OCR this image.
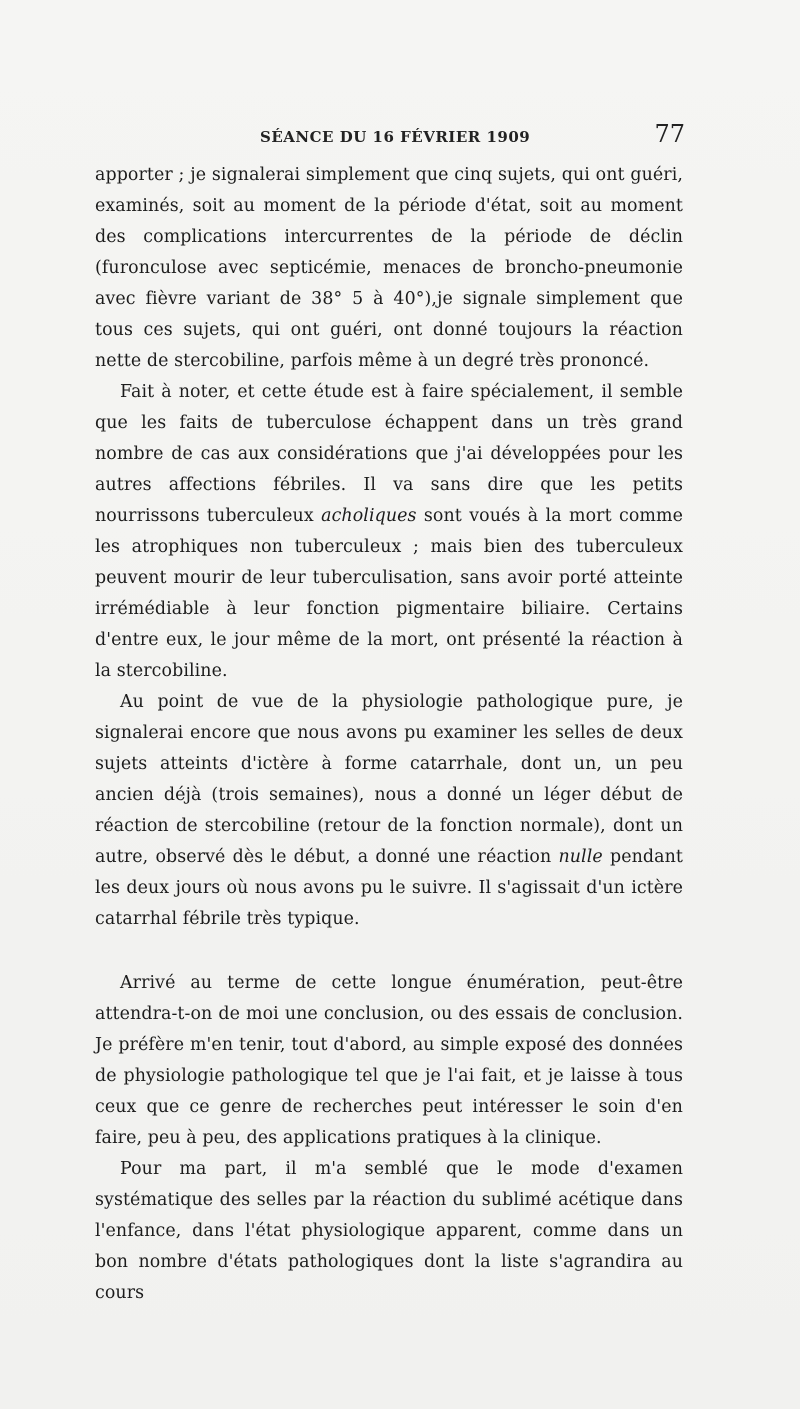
SÉANCE DU 16 FÉVRIER 1909	77

apporter ; je signalerai simplement que cinq sujets, qui ont guéri, examinés, soit au moment de la période d'état, soit au moment des complications intercurrentes de la période de déclin (furonculose avec septicémie, menaces de broncho-pneumonie avec fièvre variant de 38° 5 à 40°),je signale simplement que tous ces sujets, qui ont guéri, ont donné toujours la réaction nette de stercobiline, parfois même à un degré très prononcé.

Fait à noter, et cette étude est à faire spécialement, il semble que les faits de tuberculose échappent dans un très grand nombre de cas aux considérations que j'ai développées pour les autres affections fébriles. Il va sans dire que les petits nourrissons tuberculeux acholiques sont voués à la mort comme les atrophiques non tuberculeux ; mais bien des tuberculeux peuvent mourir de leur tuberculisation, sans avoir porté atteinte irrémédiable à leur fonction pigmentaire biliaire. Certains d'entre eux, le jour même de la mort, ont présenté la réaction à la stercobiline.

Au point de vue de la physiologie pathologique pure, je signalerai encore que nous avons pu examiner les selles de deux sujets atteints d'ictère à forme catarrhale, dont un, un peu ancien déjà (trois semaines), nous a donné un léger début de réaction de stercobiline (retour de la fonction normale), dont un autre, observé dès le début, a donné une réaction nulle pendant les deux jours où nous avons pu le suivre. Il s'agissait d'un ictère catarrhal fébrile très typique.

Arrivé au terme de cette longue énumération, peut-être attendra-t-on de moi une conclusion, ou des essais de conclusion. Je préfère m'en tenir, tout d'abord, au simple exposé des données de physiologie pathologique tel que je l'ai fait, et je laisse à tous ceux que ce genre de recherches peut intéresser le soin d'en faire, peu à peu, des applications pratiques à la clinique.

Pour ma part, il m'a semblé que le mode d'examen systématique des selles par la réaction du sublimé acétique dans l'enfance, dans l'état physiologique apparent, comme dans un bon nombre d'états pathologiques dont la liste s'agrandira au cours
